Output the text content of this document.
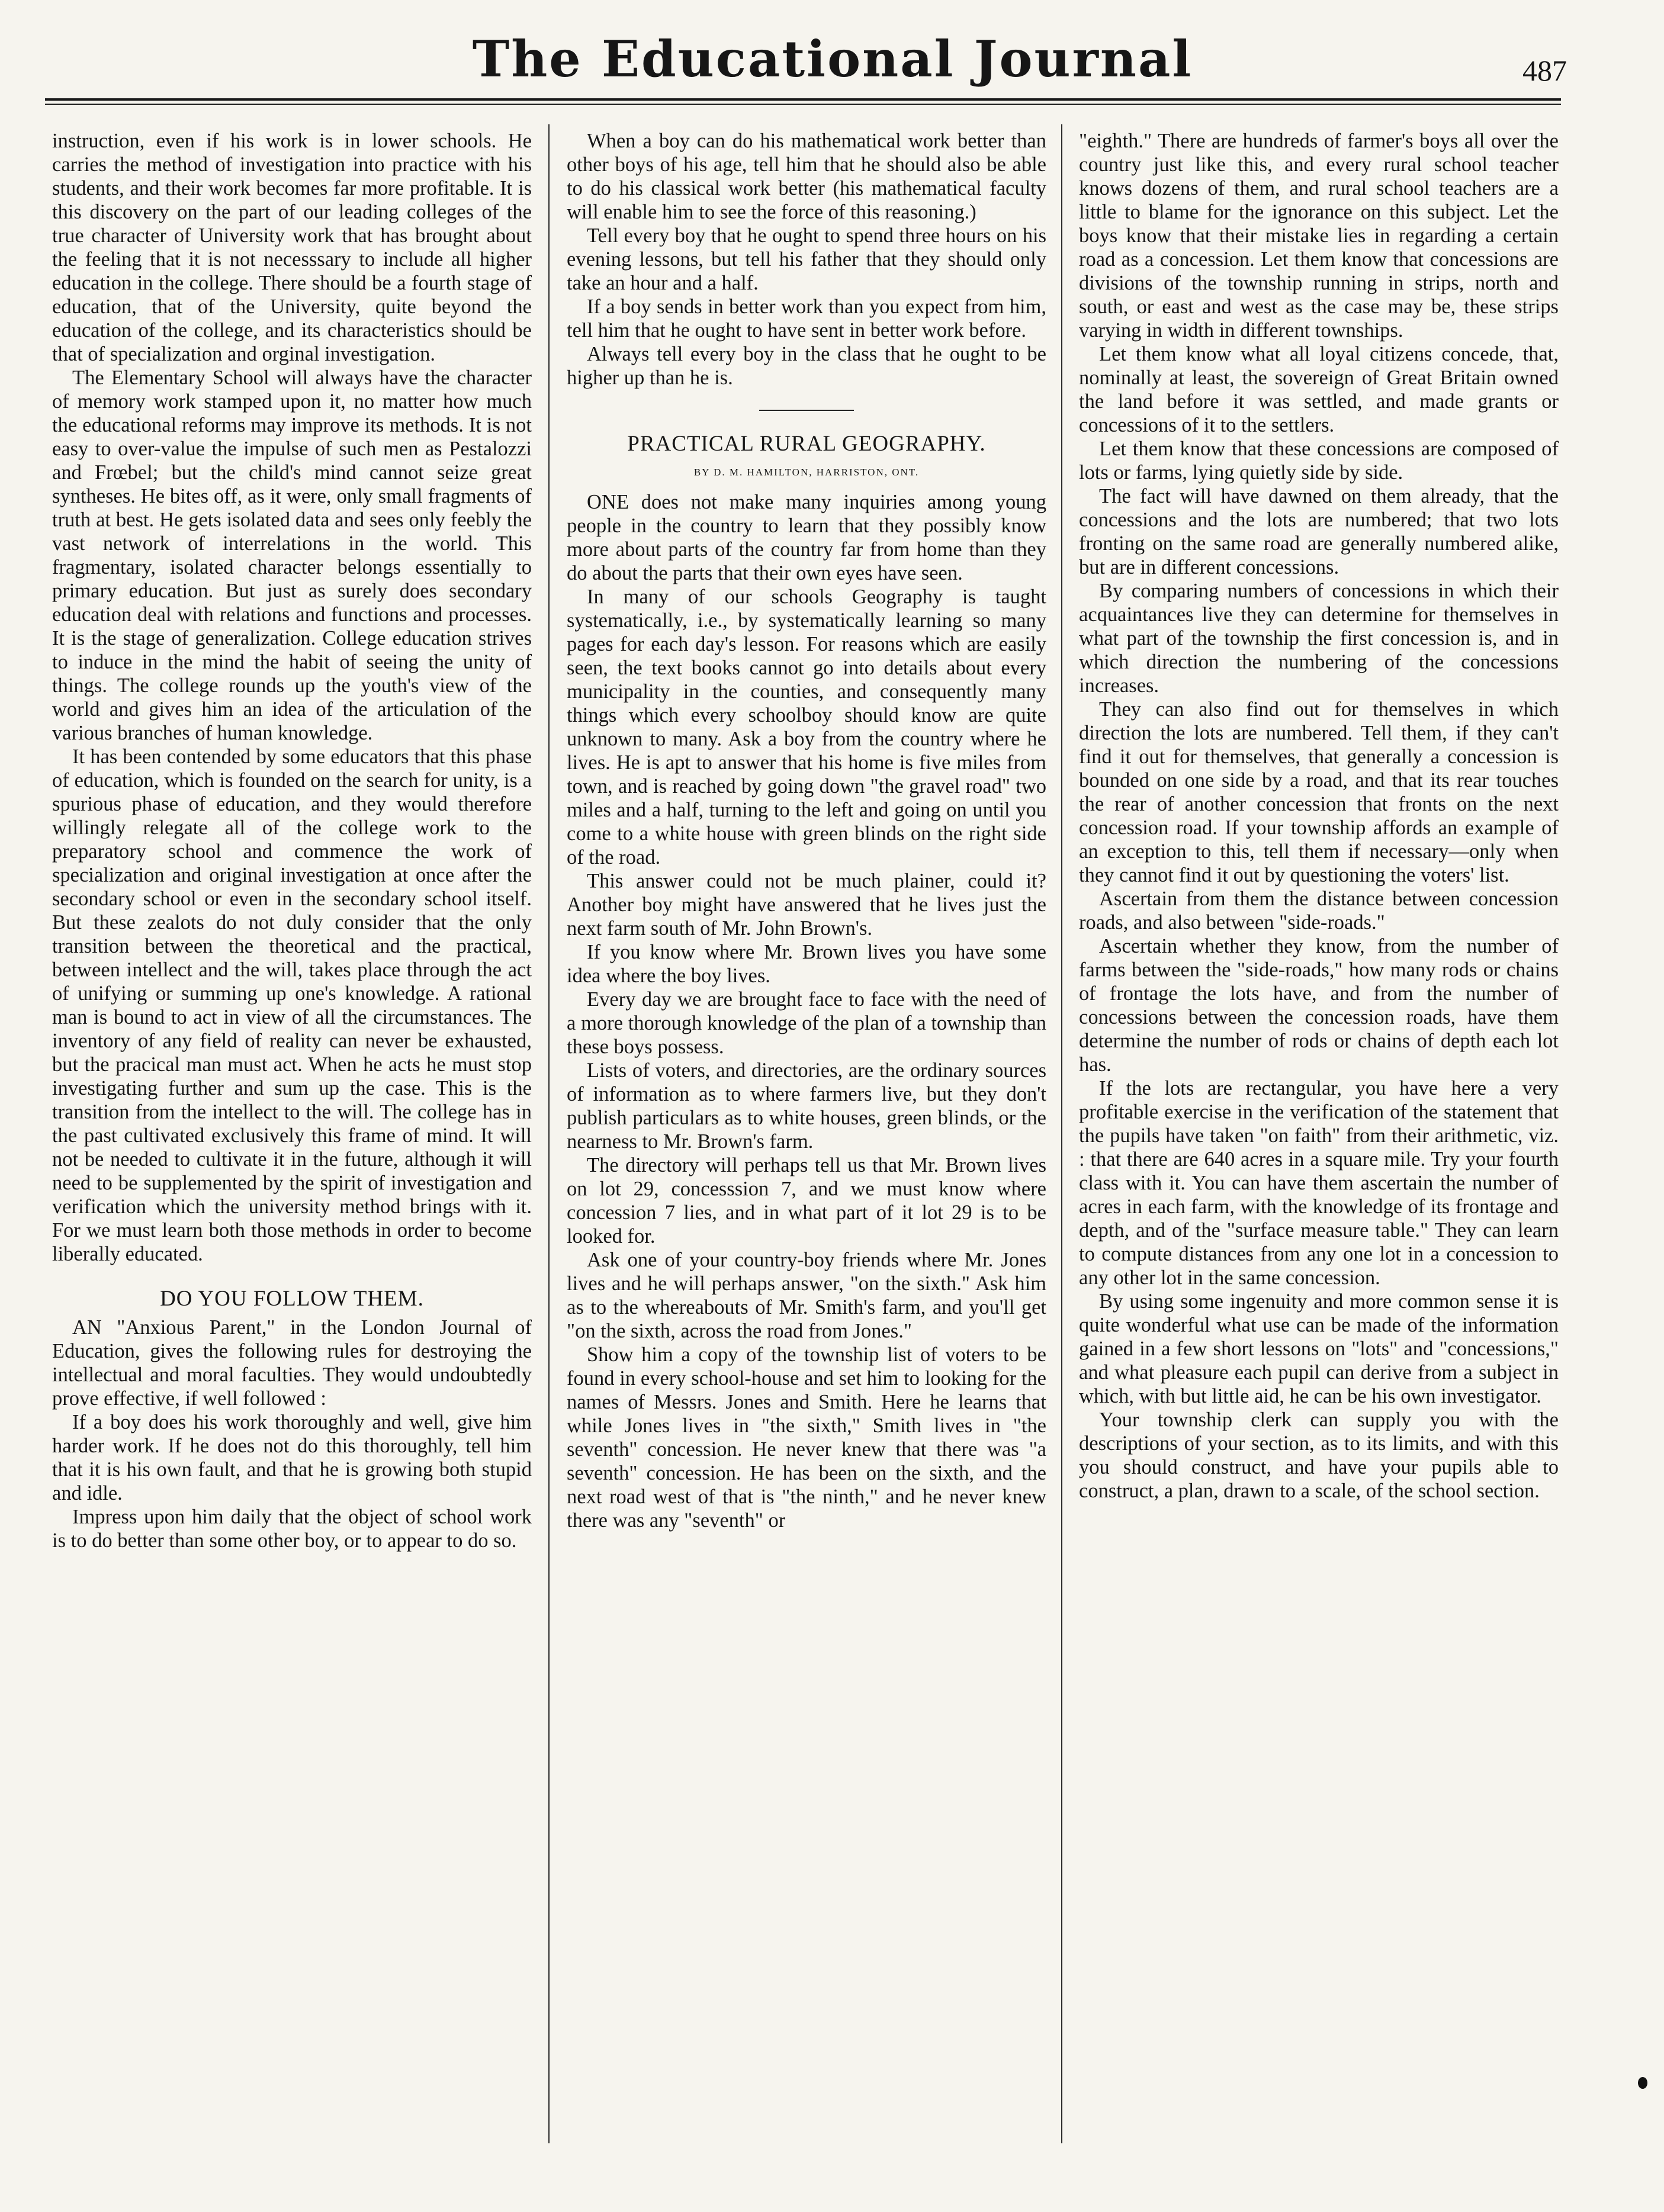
The Educational Journal	487

instruction, even if his work is in lower schools. He carries the method of investigation into practice with his students, and their work becomes far more profitable. It is this discovery on the part of our leading colleges of the true character of University work that has brought about the feeling that it is not necesssary to include all higher education in the college. There should be a fourth stage of education, that of the University, quite beyond the education of the college, and its characteristics should be that of specialization and orginal investigation.

The Elementary School will always have the character of memory work stamped upon it, no matter how much the educational reforms may improve its methods. It is not easy to over-value the impulse of such men as Pestalozzi and Frœbel; but the child's mind cannot seize great syntheses. He bites off, as it were, only small fragments of truth at best. He gets isolated data and sees only feebly the vast network of interrelations in the world. This fragmentary, isolated character belongs essentially to primary education. But just as surely does secondary education deal with relations and functions and processes. It is the stage of generalization. College education strives to induce in the mind the habit of seeing the unity of things. The college rounds up the youth's view of the world and gives him an idea of the articulation of the various branches of human knowledge.

It has been contended by some educators that this phase of education, which is founded on the search for unity, is a spurious phase of education, and they would therefore willingly relegate all of the college work to the preparatory school and commence the work of specialization and original investigation at once after the secondary school or even in the secondary school itself. But these zealots do not duly consider that the only transition between the theoretical and the practical, between intellect and the will, takes place through the act of unifying or summing up one's knowledge. A rational man is bound to act in view of all the circumstances. The inventory of any field of reality can never be exhausted, but the pracical man must act. When he acts he must stop investigating further and sum up the case. This is the transition from the intellect to the will. The college has in the past cultivated exclusively this frame of mind. It will not be needed to cultivate it in the future, although it will need to be supplemented by the spirit of investigation and verification which the university method brings with it. For we must learn both those methods in order to become liberally educated.

DO YOU FOLLOW THEM.

AN "Anxious Parent," in the London Journal of Education, gives the following rules for destroying the intellectual and moral faculties. They would undoubtedly prove effective, if well followed :

If a boy does his work thoroughly and well, give him harder work. If he does not do this thoroughly, tell him that it is his own fault, and that he is growing both stupid and idle.

Impress upon him daily that the object of school work is to do better than some other boy, or to appear to do so.

When a boy can do his mathematical work better than other boys of his age, tell him that he should also be able to do his classical work better (his mathematical faculty will enable him to see the force of this reasoning.)

Tell every boy that he ought to spend three hours on his evening lessons, but tell his father that they should only take an hour and a half.

If a boy sends in better work than you expect from him, tell him that he ought to have sent in better work before.

Always tell every boy in the class that he ought to be higher up than he is.

PRACTICAL RURAL GEOGRAPHY.
BY D. M. HAMILTON, HARRISTON, ONT.

ONE does not make many inquiries among young people in the country to learn that they possibly know more about parts of the country far from home than they do about the parts that their own eyes have seen.

In many of our schools Geography is taught systematically, i.e., by systematically learning so many pages for each day's lesson. For reasons which are easily seen, the text books cannot go into details about every municipality in the counties, and consequently many things which every schoolboy should know are quite unknown to many. Ask a boy from the country where he lives. He is apt to answer that his home is five miles from town, and is reached by going down "the gravel road" two miles and a half, turning to the left and going on until you come to a white house with green blinds on the right side of the road.

This answer could not be much plainer, could it? Another boy might have answered that he lives just the next farm south of Mr. John Brown's.

If you know where Mr. Brown lives you have some idea where the boy lives.

Every day we are brought face to face with the need of a more thorough knowledge of the plan of a township than these boys possess.

Lists of voters, and directories, are the ordinary sources of information as to where farmers live, but they don't publish particulars as to white houses, green blinds, or the nearness to Mr. Brown's farm.

The directory will perhaps tell us that Mr. Brown lives on lot 29, concesssion 7, and we must know where concession 7 lies, and in what part of it lot 29 is to be looked for.

Ask one of your country-boy friends where Mr. Jones lives and he will perhaps answer, "on the sixth." Ask him as to the whereabouts of Mr. Smith's farm, and you'll get "on the sixth, across the road from Jones."

Show him a copy of the township list of voters to be found in every school-house and set him to looking for the names of Messrs. Jones and Smith. Here he learns that while Jones lives in "the sixth," Smith lives in "the seventh" concession. He never knew that there was "a seventh" concession. He has been on the sixth, and the next road west of that is "the ninth," and he never knew there was any "seventh" or

"eighth." There are hundreds of farmer's boys all over the country just like this, and every rural school teacher knows dozens of them, and rural school teachers are a little to blame for the ignorance on this subject. Let the boys know that their mistake lies in regarding a certain road as a concession. Let them know that concessions are divisions of the township running in strips, north and south, or east and west as the case may be, these strips varying in width in different townships.

Let them know what all loyal citizens concede, that, nominally at least, the sovereign of Great Britain owned the land before it was settled, and made grants or concessions of it to the settlers.

Let them know that these concessions are composed of lots or farms, lying quietly side by side.

The fact will have dawned on them already, that the concessions and the lots are numbered; that two lots fronting on the same road are generally numbered alike, but are in different concessions.

By comparing numbers of concessions in which their acquaintances live they can determine for themselves in what part of the township the first concession is, and in which direction the numbering of the concessions increases.

They can also find out for themselves in which direction the lots are numbered. Tell them, if they can't find it out for themselves, that generally a concession is bounded on one side by a road, and that its rear touches the rear of another concession that fronts on the next concession road. If your township affords an example of an exception to this, tell them if necessary—only when they cannot find it out by questioning the voters' list.

Ascertain from them the distance between concession roads, and also between "side-roads."

Ascertain whether they know, from the number of farms between the "side-roads," how many rods or chains of frontage the lots have, and from the number of concessions between the concession roads, have them determine the number of rods or chains of depth each lot has.

If the lots are rectangular, you have here a very profitable exercise in the verification of the statement that the pupils have taken "on faith" from their arithmetic, viz. : that there are 640 acres in a square mile. Try your fourth class with it. You can have them ascertain the number of acres in each farm, with the knowledge of its frontage and depth, and of the "surface measure table." They can learn to compute distances from any one lot in a concession to any other lot in the same concession.

By using some ingenuity and more common sense it is quite wonderful what use can be made of the information gained in a few short lessons on "lots" and "concessions," and what pleasure each pupil can derive from a subject in which, with but little aid, he can be his own investigator.

Your township clerk can supply you with the descriptions of your section, as to its limits, and with this you should construct, and have your pupils able to construct, a plan, drawn to a scale, of the school section.
